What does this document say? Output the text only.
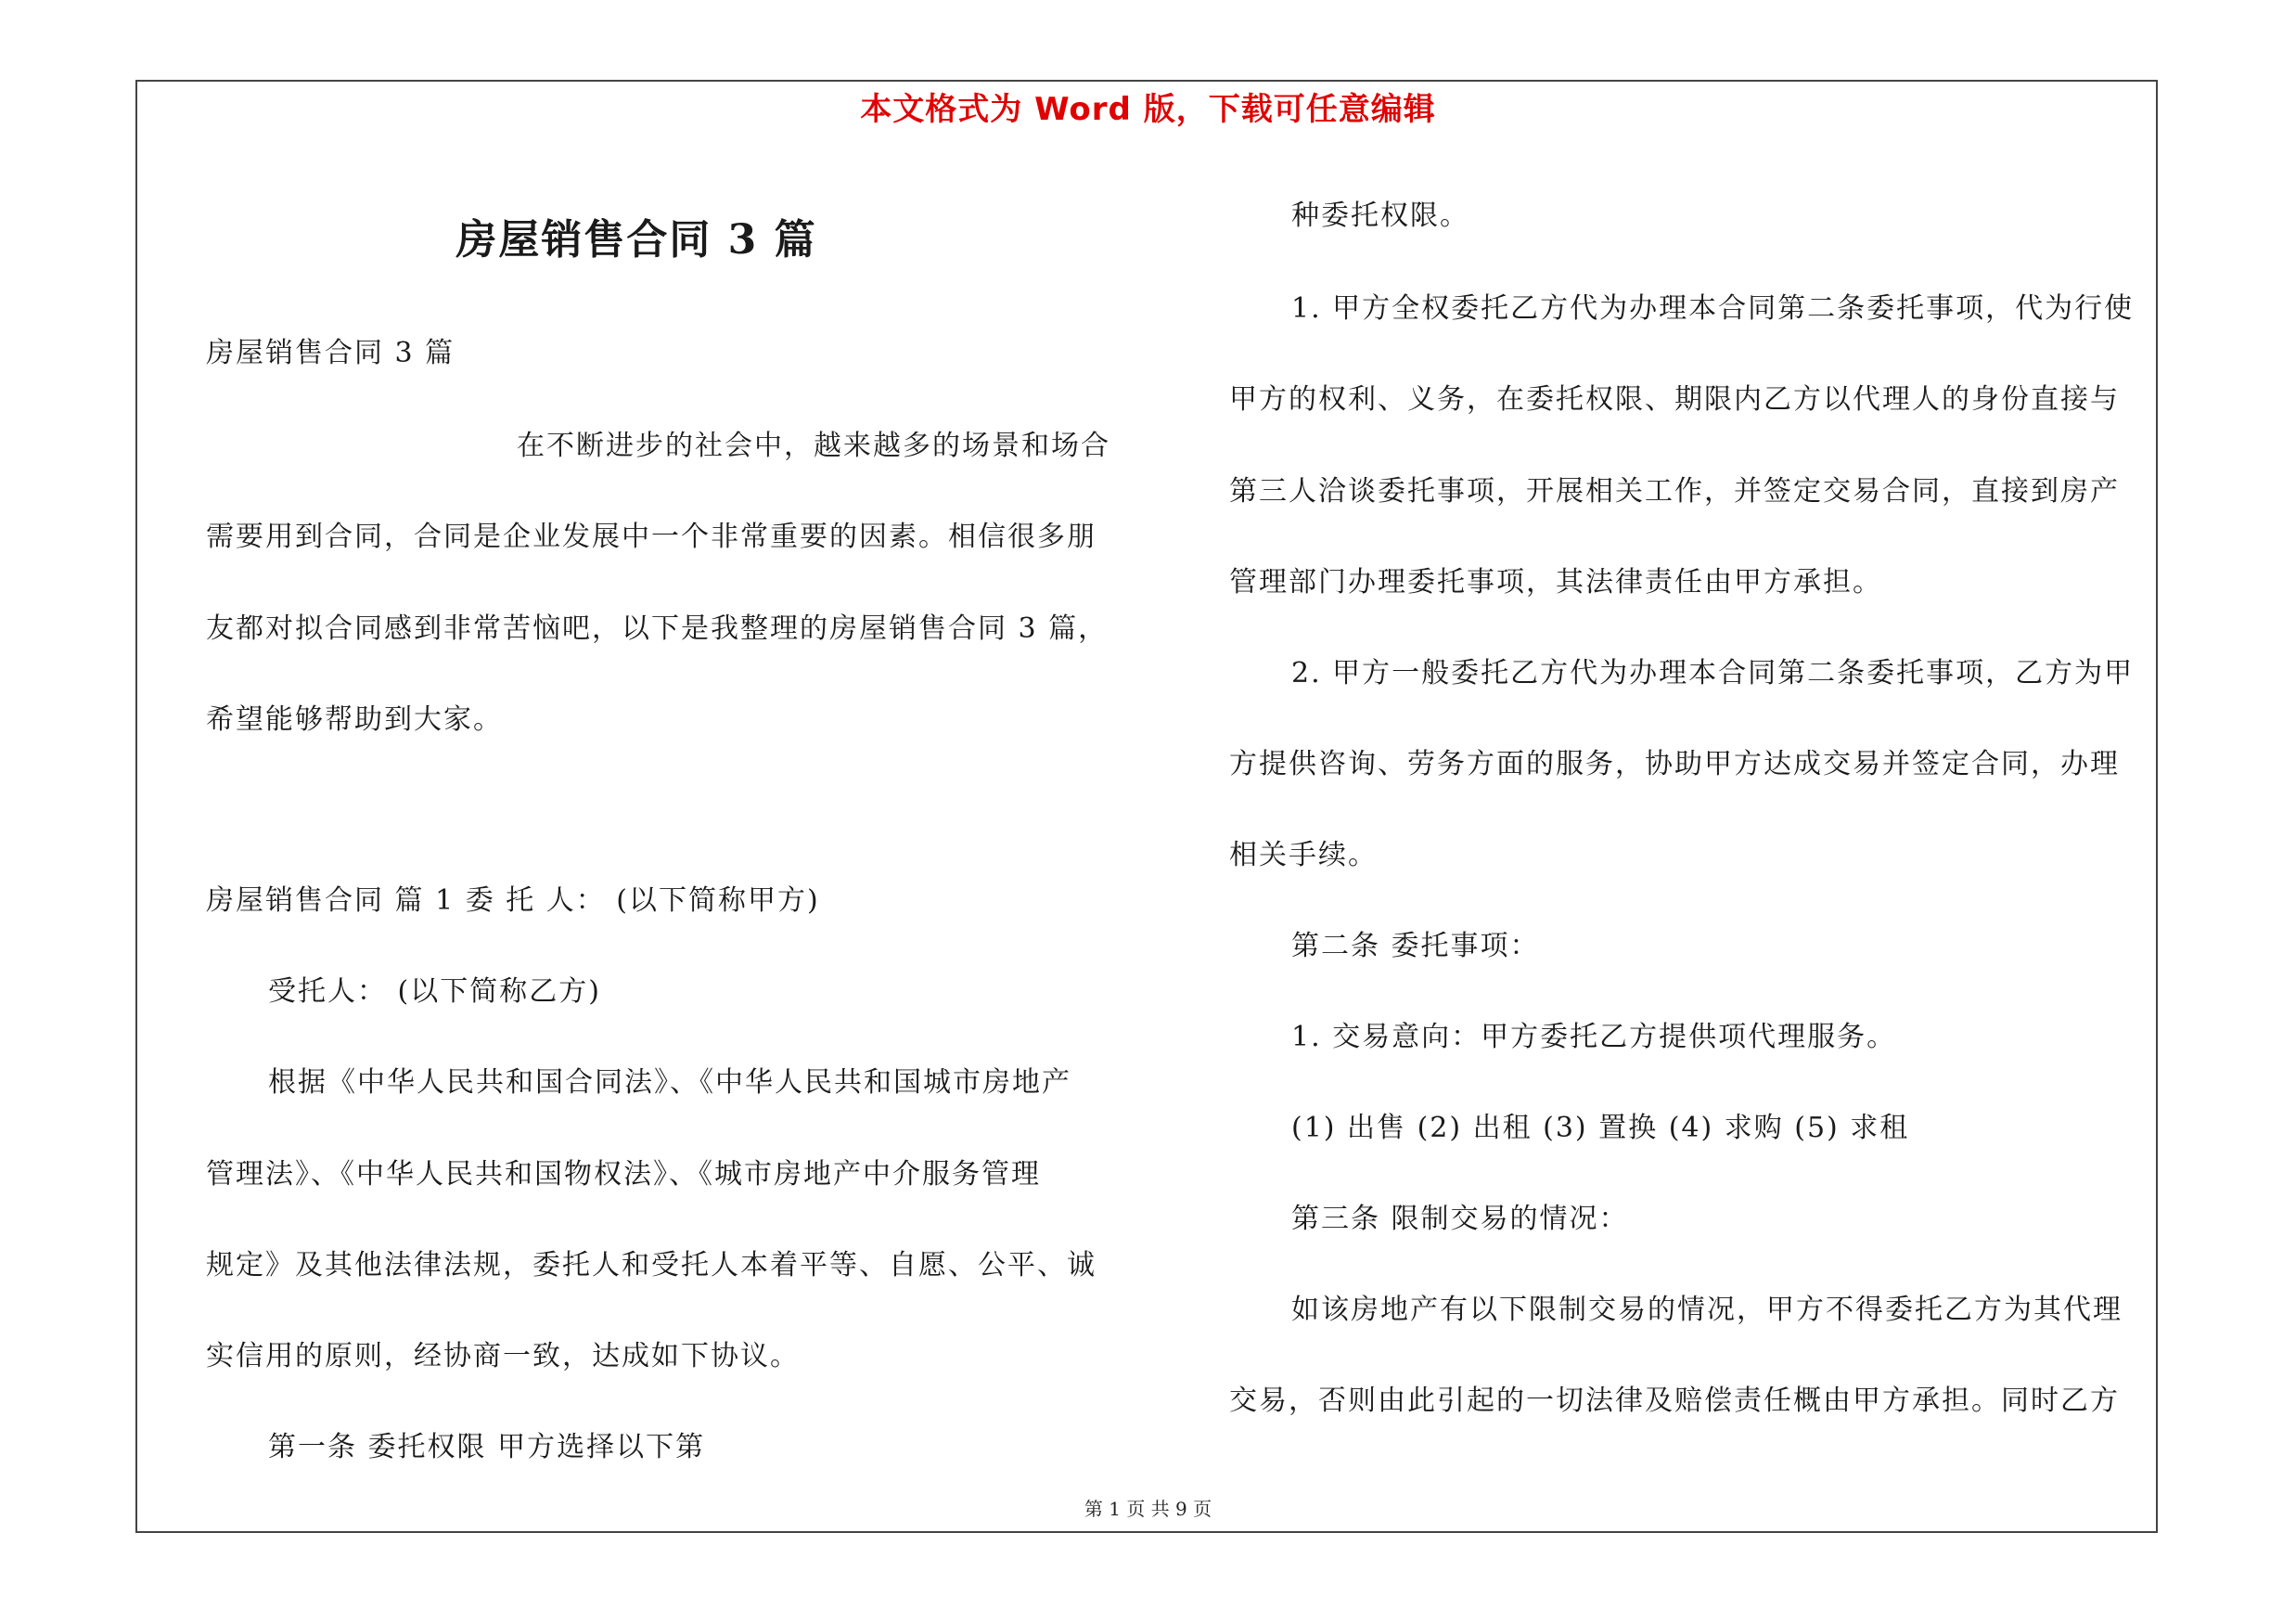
本文格式为 Word 版，下载可任意编辑
房屋销售合同 3 篇
房屋销售合同 3 篇
在不断进步的社会中，越来越多的场景和场合
需要用到合同，合同是企业发展中一个非常重要的因素。相信很多朋
友都对拟合同感到非常苦恼吧，以下是我整理的房屋销售合同 3 篇，
希望能够帮助到大家。
房屋销售合同 篇 1 委 托 人： (以下简称甲方)
受托人： (以下简称乙方)
根据《中华人民共和国合同法》、《中华人民共和国城市房地产
管理法》、《中华人民共和国物权法》、《城市房地产中介服务管理
规定》及其他法律法规，委托人和受托人本着平等、自愿、公平、诚
实信用的原则，经协商一致，达成如下协议。
第一条 委托权限 甲方选择以下第
种委托权限。
1. 甲方全权委托乙方代为办理本合同第二条委托事项，代为行使
甲方的权利、义务，在委托权限、期限内乙方以代理人的身份直接与
第三人洽谈委托事项，开展相关工作，并签定交易合同，直接到房产
管理部门办理委托事项，其法律责任由甲方承担。
2. 甲方一般委托乙方代为办理本合同第二条委托事项，乙方为甲
方提供咨询、劳务方面的服务，协助甲方达成交易并签定合同，办理
相关手续。
第二条 委托事项：
1. 交易意向：甲方委托乙方提供项代理服务。
(1) 出售 (2) 出租 (3) 置换 (4) 求购 (5) 求租
第三条 限制交易的情况：
如该房地产有以下限制交易的情况，甲方不得委托乙方为其代理
交易，否则由此引起的一切法律及赔偿责任概由甲方承担。同时乙方
第 1 页 共 9 页
